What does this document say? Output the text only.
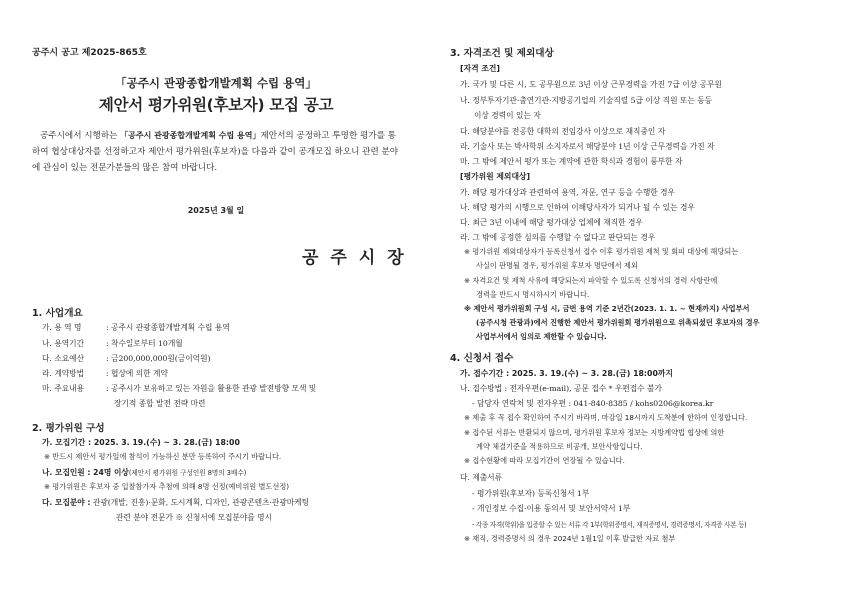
공주시 공고 제2025-865호
「공주시 관광종합개발계획 수립 용역」
제안서 평가위원(후보자) 모집 공고
공주시에서 시행하는 「공주시 관광종합개발계획 수립 용역」제안서의 공정하고 투명한 평가를 통하여 협상대상자를 선정하고자 제안서 평가위원(후보자)을 다음과 같이 공개모집 하오니 관련 분야에 관심이 있는 전문가분들의 많은 참여 바랍니다.
2025년 3월 일
공주시장
1. 사업개요
가. 용 역 명	: 공주시 관광종합개발계획 수립 용역
나. 용역기간	: 착수일로부터 10개월
다. 소요예산	: 금200,000,000원(금이억원)
라. 계약방법	: 협상에 의한 계약
마. 주요내용	: 공주시가 보유하고 있는 자원을 활용한 관광 발전방향 모색 및
장기적 종합 발전 전략 마련
2. 평가위원 구성
가. 모집기간 : 2025. 3. 19.(수) ~ 3. 28.(금) 18:00
※ 반드시 제안서 평가일에 참석이 가능하신 분만 등록하여 주시기 바랍니다.
나. 모집인원 : 24명 이상(제안서 평가위원 구성인원 8명의 3배수)
※ 평가위원은 후보자 중 입찰참가자 추첨에 의해 8명 선정(예비위원 별도선정)
다. 모집분야 : 관광(개발, 진흥)·문화, 도시계획, 디자인, 관광콘텐츠·관광마케팅
관련 분야 전문가 ※ 신청서에 모집분야를 명시
3. 자격조건 및 제외대상
[자격 조건]
가. 국가 및 다른 시, 도 공무원으로 3년 이상 근무경력을 가진 7급 이상 공무원
나. 정부투자기관·출연기관·지방공기업의 기술직렬 5급 이상 직원 또는 동등
이상 경력이 있는 자
다. 해당분야를 전공한 대학의 전임강사 이상으로 재직중인 자
라. 기술사 또는 박사학위 소지자로서 해당분야 1년 이상 근무경력을 가진 자
마. 그 밖에 제안서 평가 또는 계약에 관한 학식과 경험이 풍부한 자
[평가위원 제외대상]
가. 해당 평가대상과 관련하여 용역, 자문, 연구 등을 수행한 경우
나. 해당 평가의 시행으로 인하여 이해당사자가 되거나 될 수 있는 경우
다. 최근 3년 이내에 해당 평가대상 업체에 재직한 경우
라. 그 밖에 공정한 심의를 수행할 수 없다고 판단되는 경우
※ 평가위원 제외대상자가 등록신청서 접수 이후 평가위원 제척 및 회피 대상에 해당되는
사실이 판명될 경우, 평가위원 후보자 명단에서 제외
※ 자격요건 및 제척 사유에 해당되는지 파악할 수 있도록 신청서의 경력 사항란에
경력을 반드시 명시하시기 바랍니다.
※ 제안서 평가위원회 구성 시, 금번 용역 기준 2년간(2023. 1. 1. ~ 현재까지) 사업부서
(공주시청 관광과)에서 진행한 제안서 평가위원회 평가위원으로 위촉되셨던 후보자의 경우
사업부서에서 임의로 제한할 수 있습니다.
4. 신청서 접수
가. 접수기간 : 2025. 3. 19.(수) ~ 3. 28.(금) 18:00까지
나. 접수방법 : 전자우편(e-mail), 공문 접수 * 우편접수 불가
- 담당자 연락처 및 전자우편 : 041-840-8385 / kohs0206@korea.kr
※ 제출 후 꼭 접수 확인하여 주시기 바라며, 마감일 18시까지 도착분에 한하여 인정합니다.
※ 접수된 서류는 반환되지 않으며, 평가위원 후보자 정보는 지방계약법 협상에 의한
계약 체결기준을 적용하므로 비공개, 보안사항입니다.
※ 접수현황에 따라 모집기간이 연장될 수 있습니다.
다. 제출서류
- 평가위원(후보자) 등록신청서 1부
- 개인정보 수집·이용 동의서 및 보안서약서 1부
- 각종 자격(학위)을 입증할 수 있는 서류 각 1부(학위증명서, 재직증명서, 경력증명서, 자격증 사본 등)
※ 재직, 경력증명서 의 경우 2024년 1월1일 이후 발급한 자료 첨부
